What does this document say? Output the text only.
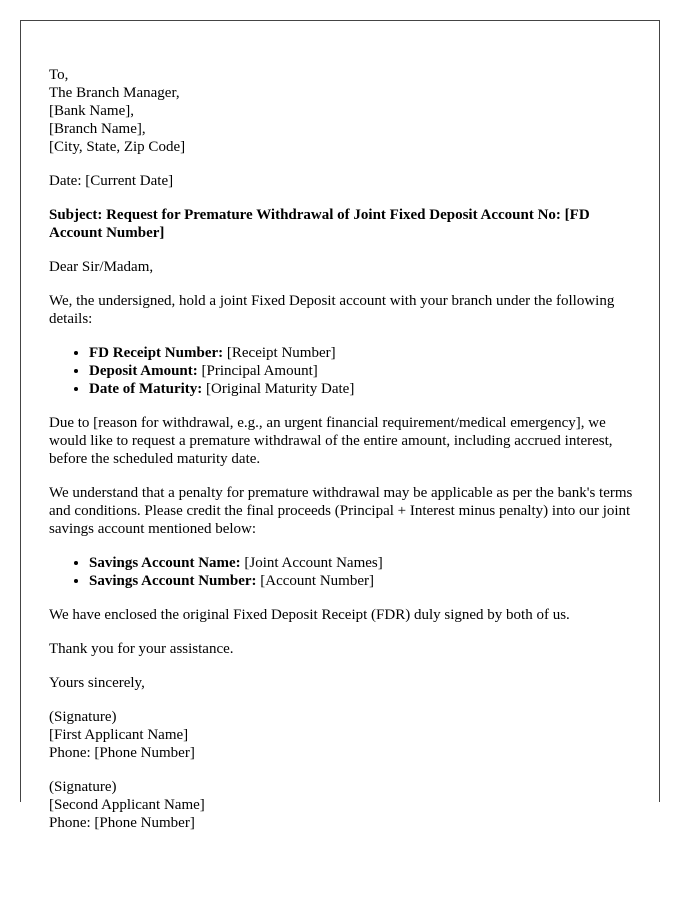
To,
The Branch Manager,
[Bank Name],
[Branch Name],
[City, State, Zip Code]

Date: [Current Date]

Subject: Request for Premature Withdrawal of Joint Fixed Deposit Account No: [FD Account Number]

Dear Sir/Madam,

We, the undersigned, hold a joint Fixed Deposit account with your branch under the following details:

• FD Receipt Number: [Receipt Number]
• Deposit Amount: [Principal Amount]
• Date of Maturity: [Original Maturity Date]

Due to [reason for withdrawal, e.g., an urgent financial requirement/medical emergency], we would like to request a premature withdrawal of the entire amount, including accrued interest, before the scheduled maturity date.

We understand that a penalty for premature withdrawal may be applicable as per the bank's terms and conditions. Please credit the final proceeds (Principal + Interest minus penalty) into our joint savings account mentioned below:

• Savings Account Name: [Joint Account Names]
• Savings Account Number: [Account Number]

We have enclosed the original Fixed Deposit Receipt (FDR) duly signed by both of us.

Thank you for your assistance.

Yours sincerely,

(Signature)
[First Applicant Name]
Phone: [Phone Number]
(Signature)
[Second Applicant Name]
Phone: [Phone Number]
